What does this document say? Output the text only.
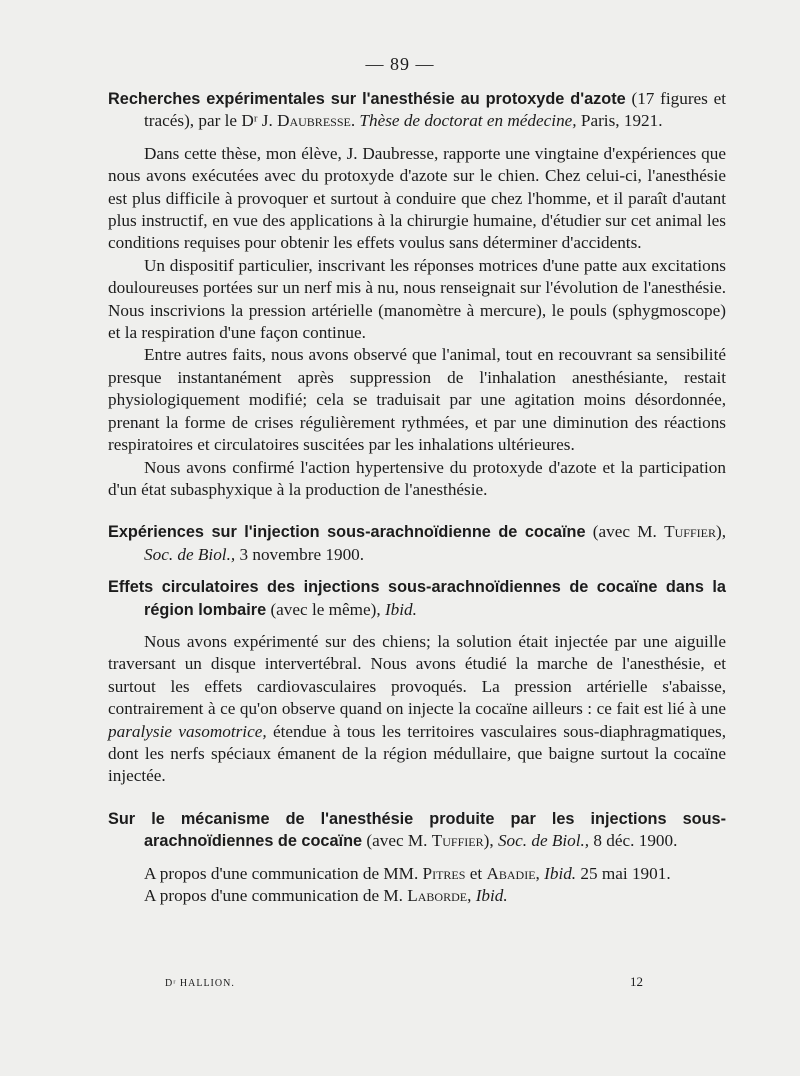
— 89 —

Recherches expérimentales sur l'anesthésie au protoxyde d'azote (17 figures et tracés), par le Dʳ J. Daubresse. Thèse de doctorat en médecine, Paris, 1921.

Dans cette thèse, mon élève, J. Daubresse, rapporte une vingtaine d'expériences que nous avons exécutées avec du protoxyde d'azote sur le chien. Chez celui-ci, l'anesthésie est plus difficile à provoquer et surtout à conduire que chez l'homme, et il paraît d'autant plus instructif, en vue des applications à la chirurgie humaine, d'étudier sur cet animal les conditions requises pour obtenir les effets voulus sans déterminer d'accidents.

Un dispositif particulier, inscrivant les réponses motrices d'une patte aux excitations douloureuses portées sur un nerf mis à nu, nous renseignait sur l'évolution de l'anesthésie. Nous inscrivions la pression artérielle (manomètre à mercure), le pouls (sphygmoscope) et la respiration d'une façon continue.

Entre autres faits, nous avons observé que l'animal, tout en recouvrant sa sensibilité presque instantanément après suppression de l'inhalation anesthésiante, restait physiologiquement modifié; cela se traduisait par une agitation moins désordonnée, prenant la forme de crises régulièrement rythmées, et par une diminution des réactions respiratoires et circulatoires suscitées par les inhalations ultérieures.

Nous avons confirmé l'action hypertensive du protoxyde d'azote et la participation d'un état subasphyxique à la production de l'anesthésie.

Expériences sur l'injection sous-arachnoïdienne de cocaïne (avec M. Tuffier), Soc. de Biol., 3 novembre 1900.

Effets circulatoires des injections sous-arachnoïdiennes de cocaïne dans la région lombaire (avec le même), Ibid.

Nous avons expérimenté sur des chiens; la solution était injectée par une aiguille traversant un disque intervertébral. Nous avons étudié la marche de l'anesthésie, et surtout les effets cardiovasculaires provoqués. La pression artérielle s'abaisse, contrairement à ce qu'on observe quand on injecte la cocaïne ailleurs : ce fait est lié à une paralysie vasomotrice, étendue à tous les territoires vasculaires sous-diaphragmatiques, dont les nerfs spéciaux émanent de la région médullaire, que baigne surtout la cocaïne injectée.

Sur le mécanisme de l'anesthésie produite par les injections sous-arachnoïdiennes de cocaïne (avec M. Tuffier), Soc. de Biol., 8 déc. 1900.

A propos d'une communication de MM. Pitres et Abadie, Ibid. 25 mai 1901.

A propos d'une communication de M. Laborde, Ibid.

Dʳ HALLION.	12
